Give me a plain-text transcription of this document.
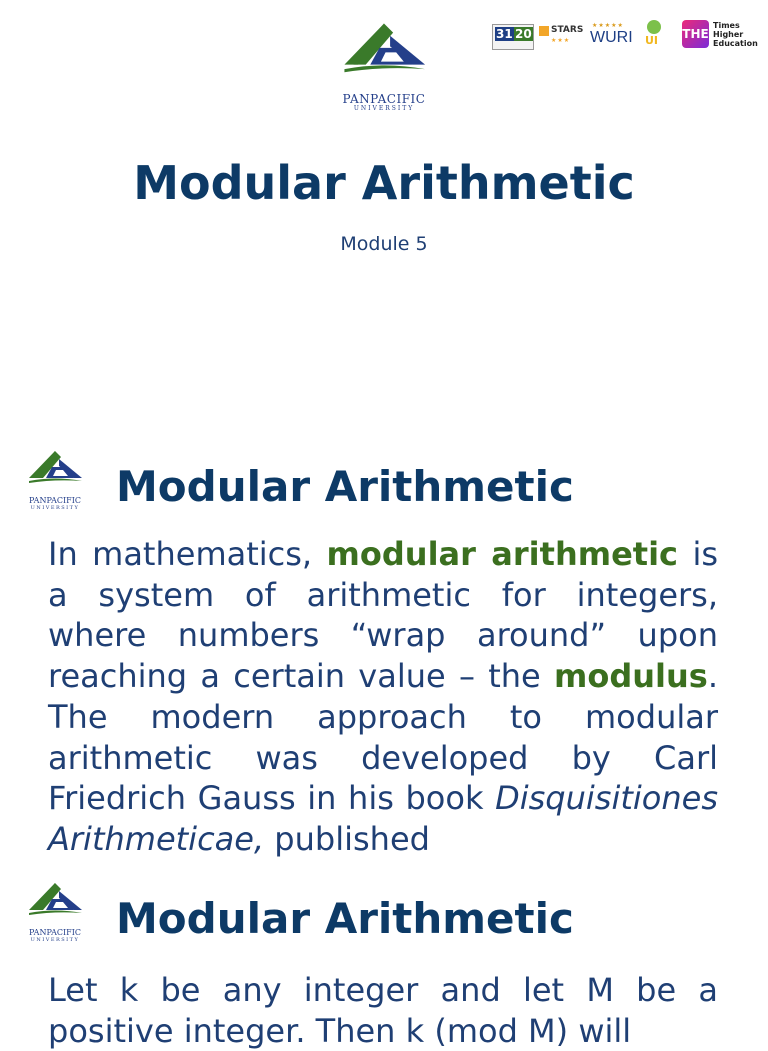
PANPACIFIC
UNIVERSITY
31 20 STARS
★★★
★★★★★
WURI UI THE
Times
Higher
Education
Modular Arithmetic
Module 5
PANPACIFIC
UNIVERSITY Modular Arithmetic

In mathematics, modular arithmetic is a system of arithmetic for integers, where numbers “wrap around” upon reaching a certain value – the modulus. The modern approach to modular arithmetic was developed by Carl Friedrich Gauss in his book Disquisitiones Arithmeticae, published

PANPACIFIC
UNIVERSITY Modular Arithmetic

Let k be any integer and let M be a positive integer. Then k (mod M) will
